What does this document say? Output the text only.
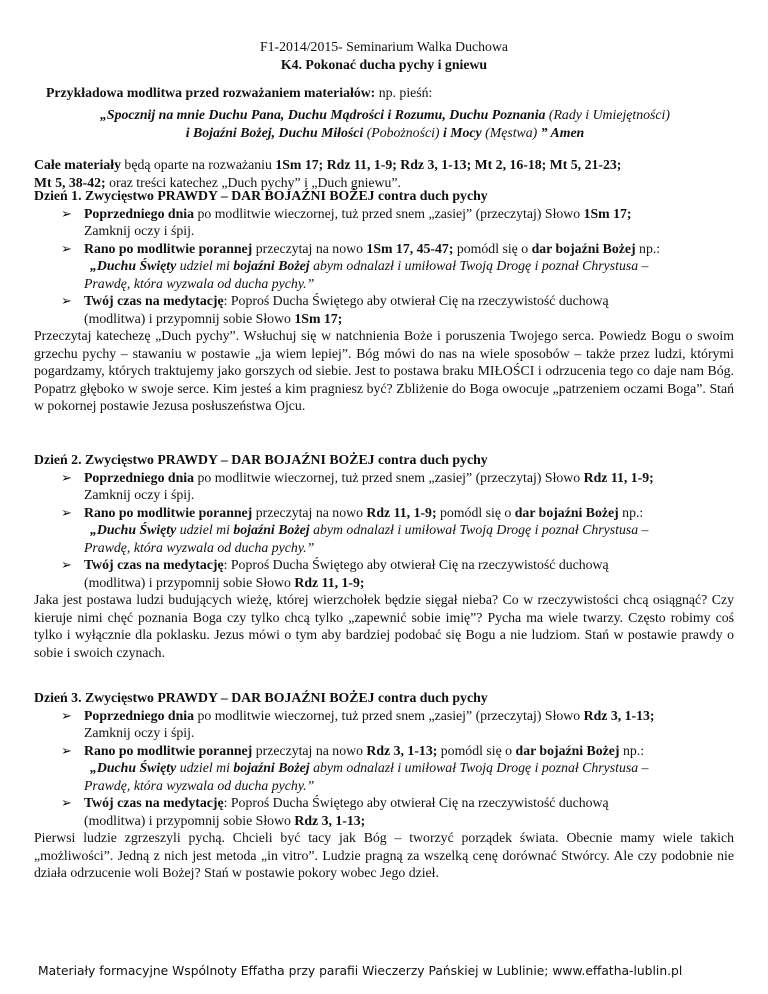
F1-2014/2015- Seminarium Walka Duchowa
K4. Pokonać ducha pychy i gniewu
Przykładowa modlitwa przed rozważaniem materiałów: np. pieśń:
„Spocznij na mnie Duchu Pana, Duchu Mądrości i Rozumu, Duchu Poznania (Rady i Umiejętności)
i Bojaźni Bożej, Duchu Miłości (Pobożności) i Mocy (Męstwa) ” Amen
Całe materiały będą oparte na rozważaniu 1Sm 17; Rdz 11, 1-9; Rdz 3, 1-13; Mt 2, 16-18; Mt 5, 21-23;
Mt 5, 38-42; oraz treści katechez „Duch pychy” i „Duch gniewu”.
Dzień 1. Zwycięstwo PRAWDY – DAR BOJAŹNI BOŻEJ contra duch pychy
➢ Poprzedniego dnia po modlitwie wieczornej, tuż przed snem „zasiej” (przeczytaj) Słowo 1Sm 17;
Zamknij oczy i śpij.
➢ Rano po modlitwie porannej przeczytaj na nowo 1Sm 17, 45-47; pomódl się o dar bojaźni Bożej np.:
„Duchu Święty udziel mi bojaźni Bożej abym odnalazł i umiłował Twoją Drogę i poznał Chrystusa –
Prawdę, która wyzwala od ducha pychy.”
➢ Twój czas na medytację: Poproś Ducha Świętego aby otwierał Cię na rzeczywistość duchową
(modlitwa) i przypomnij sobie Słowo 1Sm 17;
Przeczytaj katechezę „Duch pychy”. Wsłuchuj się w natchnienia Boże i poruszenia Twojego serca. Powiedz Bogu o swoim grzechu pychy – stawaniu w postawie „ja wiem lepiej”. Bóg mówi do nas na wiele sposobów – także przez ludzi, którymi pogardzamy, których traktujemy jako gorszych od siebie. Jest to postawa braku MIŁOŚCI i odrzucenia tego co daje nam Bóg. Popatrz głęboko w swoje serce. Kim jesteś a kim pragniesz być? Zbliżenie do Boga owocuje „patrzeniem oczami Boga”. Stań w pokornej postawie Jezusa posłuszeństwa Ojcu.
Dzień 2. Zwycięstwo PRAWDY – DAR BOJAŹNI BOŻEJ contra duch pychy
➢ Poprzedniego dnia po modlitwie wieczornej, tuż przed snem „zasiej” (przeczytaj) Słowo Rdz 11, 1-9;
Zamknij oczy i śpij.
➢ Rano po modlitwie porannej przeczytaj na nowo Rdz 11, 1-9; pomódl się o dar bojaźni Bożej np.:
„Duchu Święty udziel mi bojaźni Bożej abym odnalazł i umiłował Twoją Drogę i poznał Chrystusa –
Prawdę, która wyzwala od ducha pychy.”
➢ Twój czas na medytację: Poproś Ducha Świętego aby otwierał Cię na rzeczywistość duchową
(modlitwa) i przypomnij sobie Słowo Rdz 11, 1-9;
Jaka jest postawa ludzi budujących wieżę, której wierzchołek będzie sięgał nieba? Co w rzeczywistości chcą osiągnąć? Czy kieruje nimi chęć poznania Boga czy tylko chcą tylko „zapewnić sobie imię”? Pycha ma wiele twarzy. Często robimy coś tylko i wyłącznie dla poklasku. Jezus mówi o tym aby bardziej podobać się Bogu a nie ludziom. Stań w postawie prawdy o sobie i swoich czynach.
Dzień 3. Zwycięstwo PRAWDY – DAR BOJAŹNI BOŻEJ contra duch pychy
➢ Poprzedniego dnia po modlitwie wieczornej, tuż przed snem „zasiej” (przeczytaj) Słowo Rdz 3, 1-13;
Zamknij oczy i śpij.
➢ Rano po modlitwie porannej przeczytaj na nowo Rdz 3, 1-13; pomódl się o dar bojaźni Bożej np.:
„Duchu Święty udziel mi bojaźni Bożej abym odnalazł i umiłował Twoją Drogę i poznał Chrystusa –
Prawdę, która wyzwala od ducha pychy.”
➢ Twój czas na medytację: Poproś Ducha Świętego aby otwierał Cię na rzeczywistość duchową
(modlitwa) i przypomnij sobie Słowo Rdz 3, 1-13;
Pierwsi ludzie zgrzeszyli pychą. Chcieli być tacy jak Bóg – tworzyć porządek świata. Obecnie mamy wiele takich „możliwości”. Jedną z nich jest metoda „in vitro”. Ludzie pragną za wszelką cenę dorównać Stwórcy. Ale czy podobnie nie działa odrzucenie woli Bożej? Stań w postawie pokory wobec Jego dzieł.
Materiały formacyjne Wspólnoty Effatha przy parafii Wieczerzy Pańskiej w Lublinie; www.effatha-lublin.pl
